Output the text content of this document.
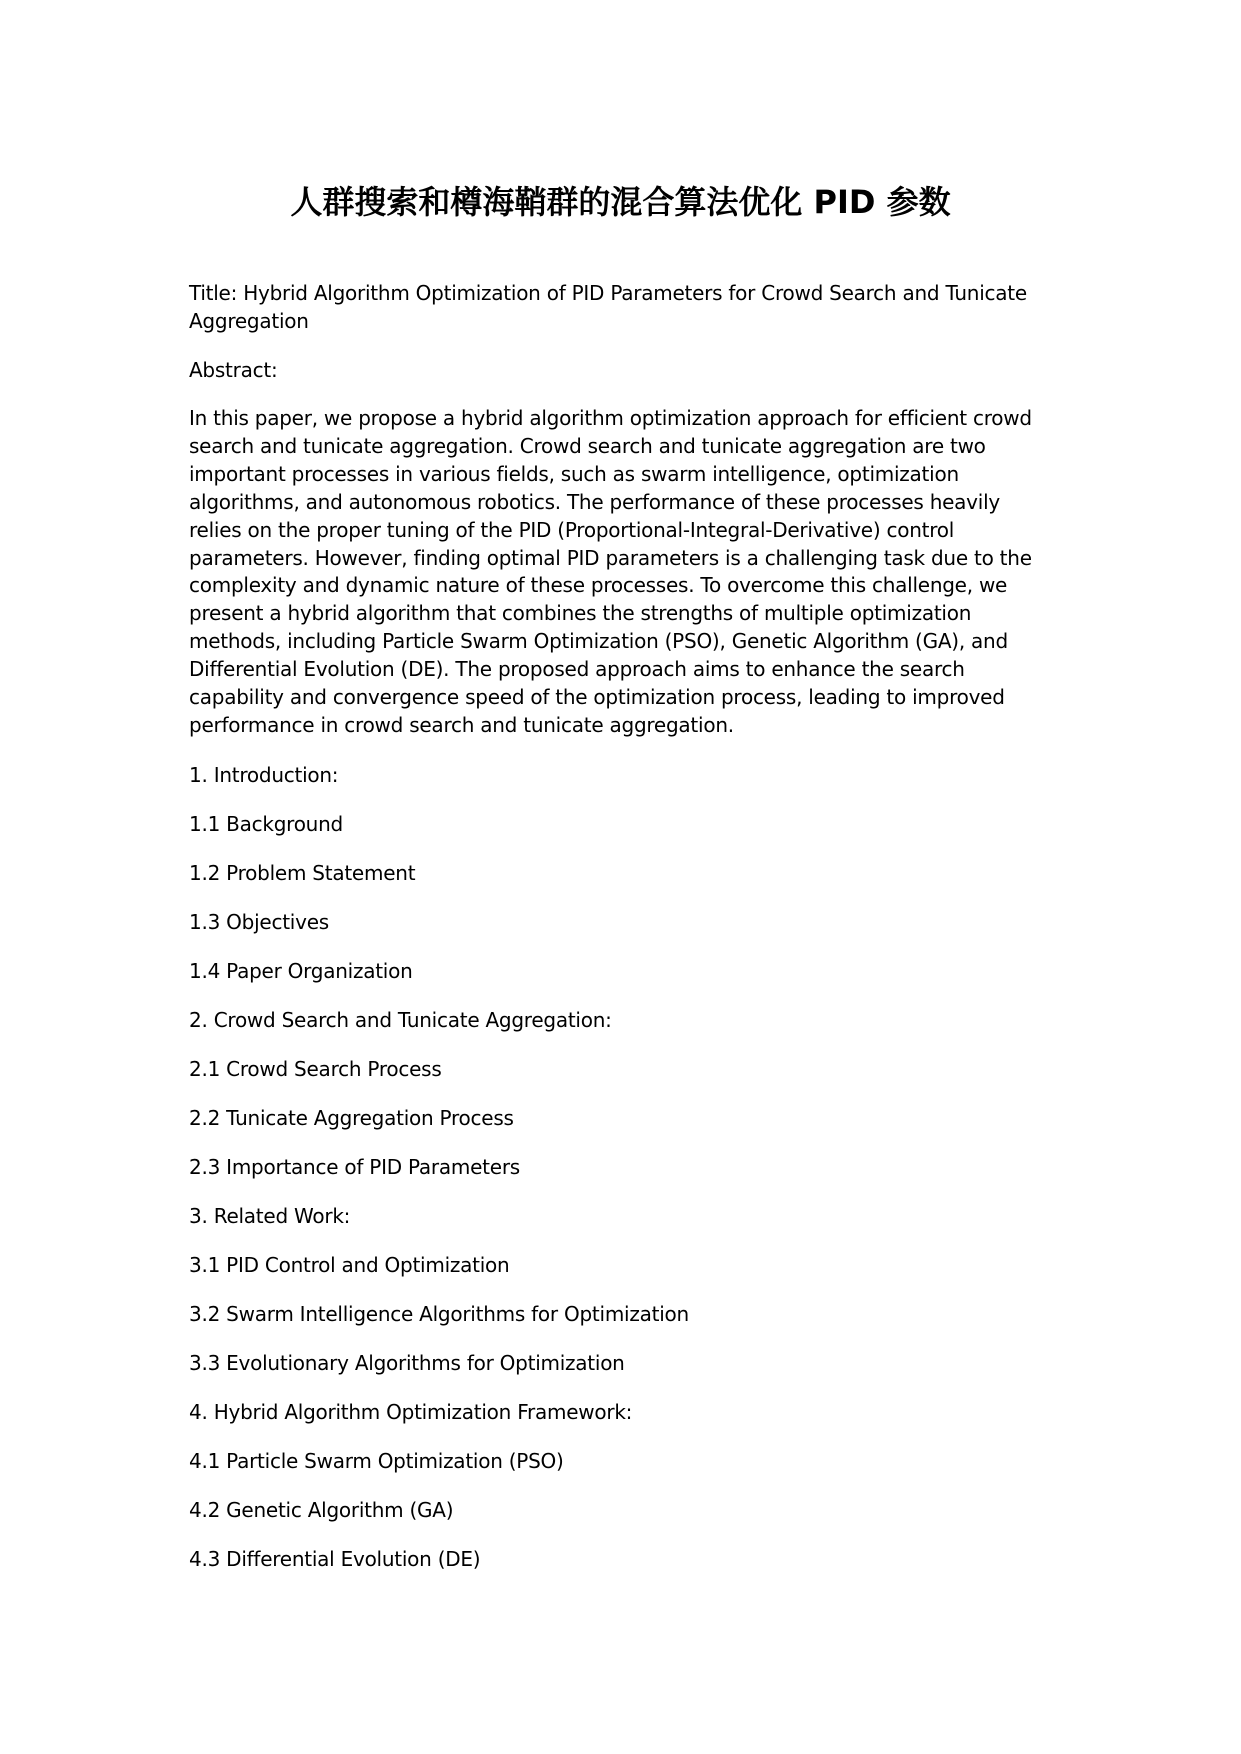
人群搜索和樽海鞘群的混合算法优化 PID 参数

Title: Hybrid Algorithm Optimization of PID Parameters for Crowd Search and Tunicate Aggregation

Abstract:

In this paper, we propose a hybrid algorithm optimization approach for efficient crowd search and tunicate aggregation. Crowd search and tunicate aggregation are two important processes in various fields, such as swarm intelligence, optimization algorithms, and autonomous robotics. The performance of these processes heavily relies on the proper tuning of the PID (Proportional-Integral-Derivative) control parameters. However, finding optimal PID parameters is a challenging task due to the complexity and dynamic nature of these processes. To overcome this challenge, we present a hybrid algorithm that combines the strengths of multiple optimization methods, including Particle Swarm Optimization (PSO), Genetic Algorithm (GA), and Differential Evolution (DE). The proposed approach aims to enhance the search capability and convergence speed of the optimization process, leading to improved performance in crowd search and tunicate aggregation.

1. Introduction:
1.1 Background
1.2 Problem Statement
1.3 Objectives
1.4 Paper Organization
2. Crowd Search and Tunicate Aggregation:
2.1 Crowd Search Process
2.2 Tunicate Aggregation Process
2.3 Importance of PID Parameters
3. Related Work:
3.1 PID Control and Optimization
3.2 Swarm Intelligence Algorithms for Optimization
3.3 Evolutionary Algorithms for Optimization
4. Hybrid Algorithm Optimization Framework:
4.1 Particle Swarm Optimization (PSO)
4.2 Genetic Algorithm (GA)
4.3 Differential Evolution (DE)
